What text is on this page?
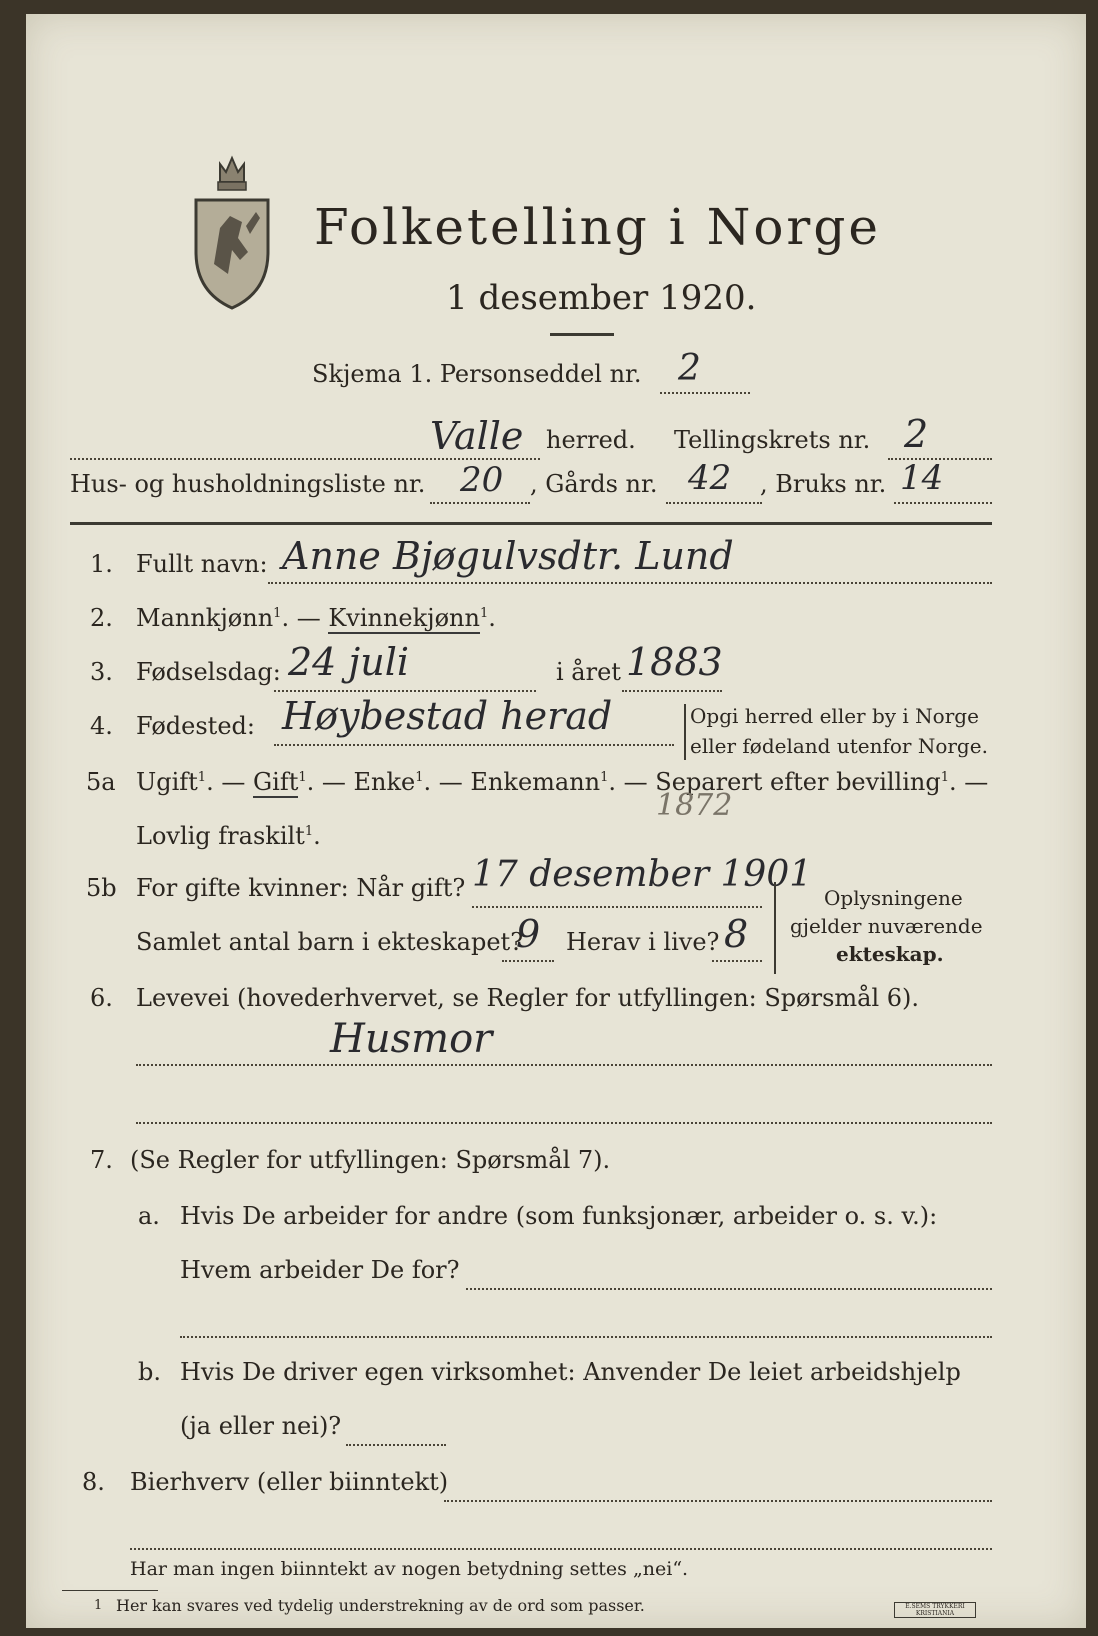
Folketelling i Norge
1 desember 1920.
Skjema 1. Personseddel nr. 2
Valle herred. Tellingskrets nr. 2
Hus- og husholdningsliste nr. 20 , Gårds nr. 42 , Bruks nr. 14
1. Fullt navn: Anne Bjøgulvsdtr. Lund
2. Mannkjønn$^1$. — Kvinnekjønn$^1$.
3. Fødselsdag: 24 juli	i året 1883
4. Fødested: Høybestad herad	Opgi herred eller by i Norge
eller fødeland utenfor Norge.
5a Ugift$^1$. — Gift$^1$. — Enke$^1$. — Enkemann$^1$. — Separert efter bevilling$^1$. —
Lovlig fraskilt$^1$.
1872
5b For gifte kvinner: Når gift? 17 desember 1901
Samlet antal barn i ekteskapet?
9 Herav i live? 8
Oplysningene
gjelder nuværende
ekteskap.
6. Levevei (hovederhvervet, se Regler for utfyllingen: Spørsmål 6).
Husmor
7. (Se Regler for utfyllingen: Spørsmål 7).
a. Hvis De arbeider for andre (som funksjonær, arbeider o. s. v.):
Hvem arbeider De for?
b. Hvis De driver egen virksomhet: Anvender De leiet arbeidshjelp
(ja eller nei)?
8. Bierhverv (eller biinntekt)
Har man ingen biinntekt av nogen betydning settes „nei“.
1 Her kan svares ved tydelig understrekning av de ord som passer.	E.SEMS TRYKKERI KRISTIANIA
